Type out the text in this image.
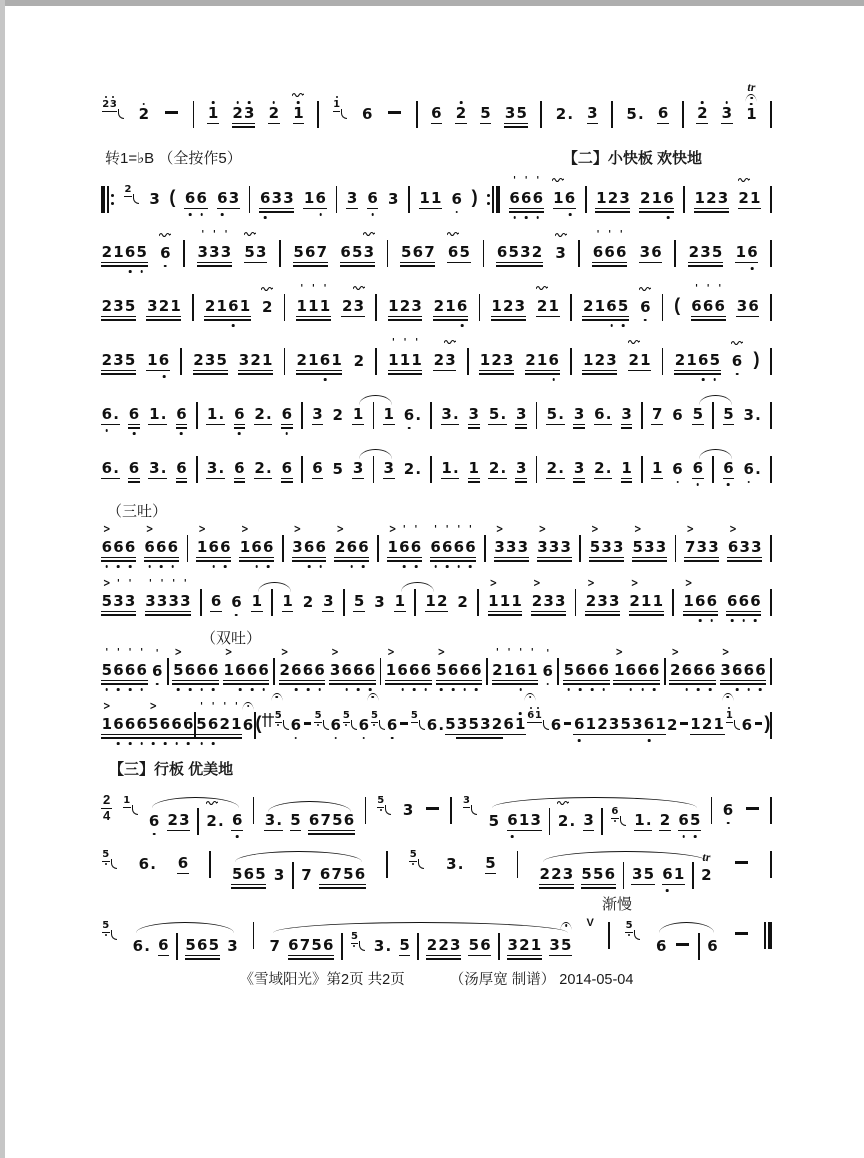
2 3
2	1 2 3 2 1	1
6	6 2 5 3 5 2 . 3 5 . 6 2 3 1
tr
转1=♭B （全按作5）	【二】小快板 欢快地
2
3 ( 6 6 6 3 6 3 3 1 6 3 6 3 1 1 6 ) 6
'
6
'
6
'
1 6 1 2 3 2 1 6 1 2 3 2 1
2 1 6 5 6 3
'
3
'
3
'
5 3 5 6 7 6 5 3 5 6 7 6 5 6 5 3 2 3 6
'
6
'
6
'
3 6 2 3 5 1 6
2 3 5 3 2 1 2 1 6 1 2 1
'
1
'
1
'
2 3 1 2 3 2 1 6 1 2 3 2 1 2 1 6 5 6 ( 6
'
6
'
6
'
3 6
2 3 5 1 6 2 3 5 3 2 1 2 1 6 1 2 1
'
1
'
1
'
2 3 1 2 3 2 1 6 1 2 3 2 1 2 1 6 5 6 )
6 . 6 1 . 6 1 . 6 2 . 6 3 2 1 1 6 . 3 . 3 5 . 3 5 . 3 6 . 3 7 6 5 5 3 .
6 . 6 3 . 6 3 . 6 2 . 6 6 5 3 3 2 . 1 . 1 2 . 3 2 . 3 2 . 1 1 6 6 6 6 .
（三吐）
6
>
6 6 6
>
6 6 1
>
6 6 1
>
6 6 3
>
6 6 2
>
6 6 1
>
6
'
6
'
6
'
6
'
6
'
6
'
3
>
3 3 3
>
3 3 5
>
3 3 5
>
3 3 7
>
3 3 6
>
3 3
5
>
3
'
3
'
3
'
3
'
3
'
3
'
6 6 1 1 2 3 5 3 1 1 2 2 1
>
1 1 2
>
3 3 2
>
3 3 2
>
1 1 1
>
6 6 6 6 6
（双吐）
5
'
6
'
6
'
6
'
6
'
5
>
6 6 6 1
>
6 6 6 2
>
6 6 6 3
>
6 6 6 1
>
6 6 6 5
>
6 6 6 2
'
1
'
6
'
1
'
6
'
5 6 6 6 1
>
6 6 6 2
>
6 6 6 3
>
6 6 6
1
>
6 6 6 5
>
6 6 6 5
'
6
'
2
'
1
'
6 ( 5
6
5
6
5
6
5
6
5
6 . 5 3 5 3 2 6 1 6 1
6 6 1 2 3 5 3 6 1 2 1 2 1 1
6 )
【三】行板 优美地
2
4
1
6 2 3 2 . 6 3 . 5 6 7 5 6
5
3
3
5 6 1 3 2 . 3 6 1 . 2 6 5
6
5
6 . 6
5 6 5 3 7 6 7 5 6
5
3 . 5
2 2 3 5 5 6 3 5 6 1 2
tr
渐慢
5
6 . 6 5 6 5 3 7 6 7 5 6 5
3 . 5 2 2 3 5 6 3 2 1 3 5
V	5
6	6
《雪域阳光》第2页 共2页	（汤厚宽 制谱） 2014-05-04
